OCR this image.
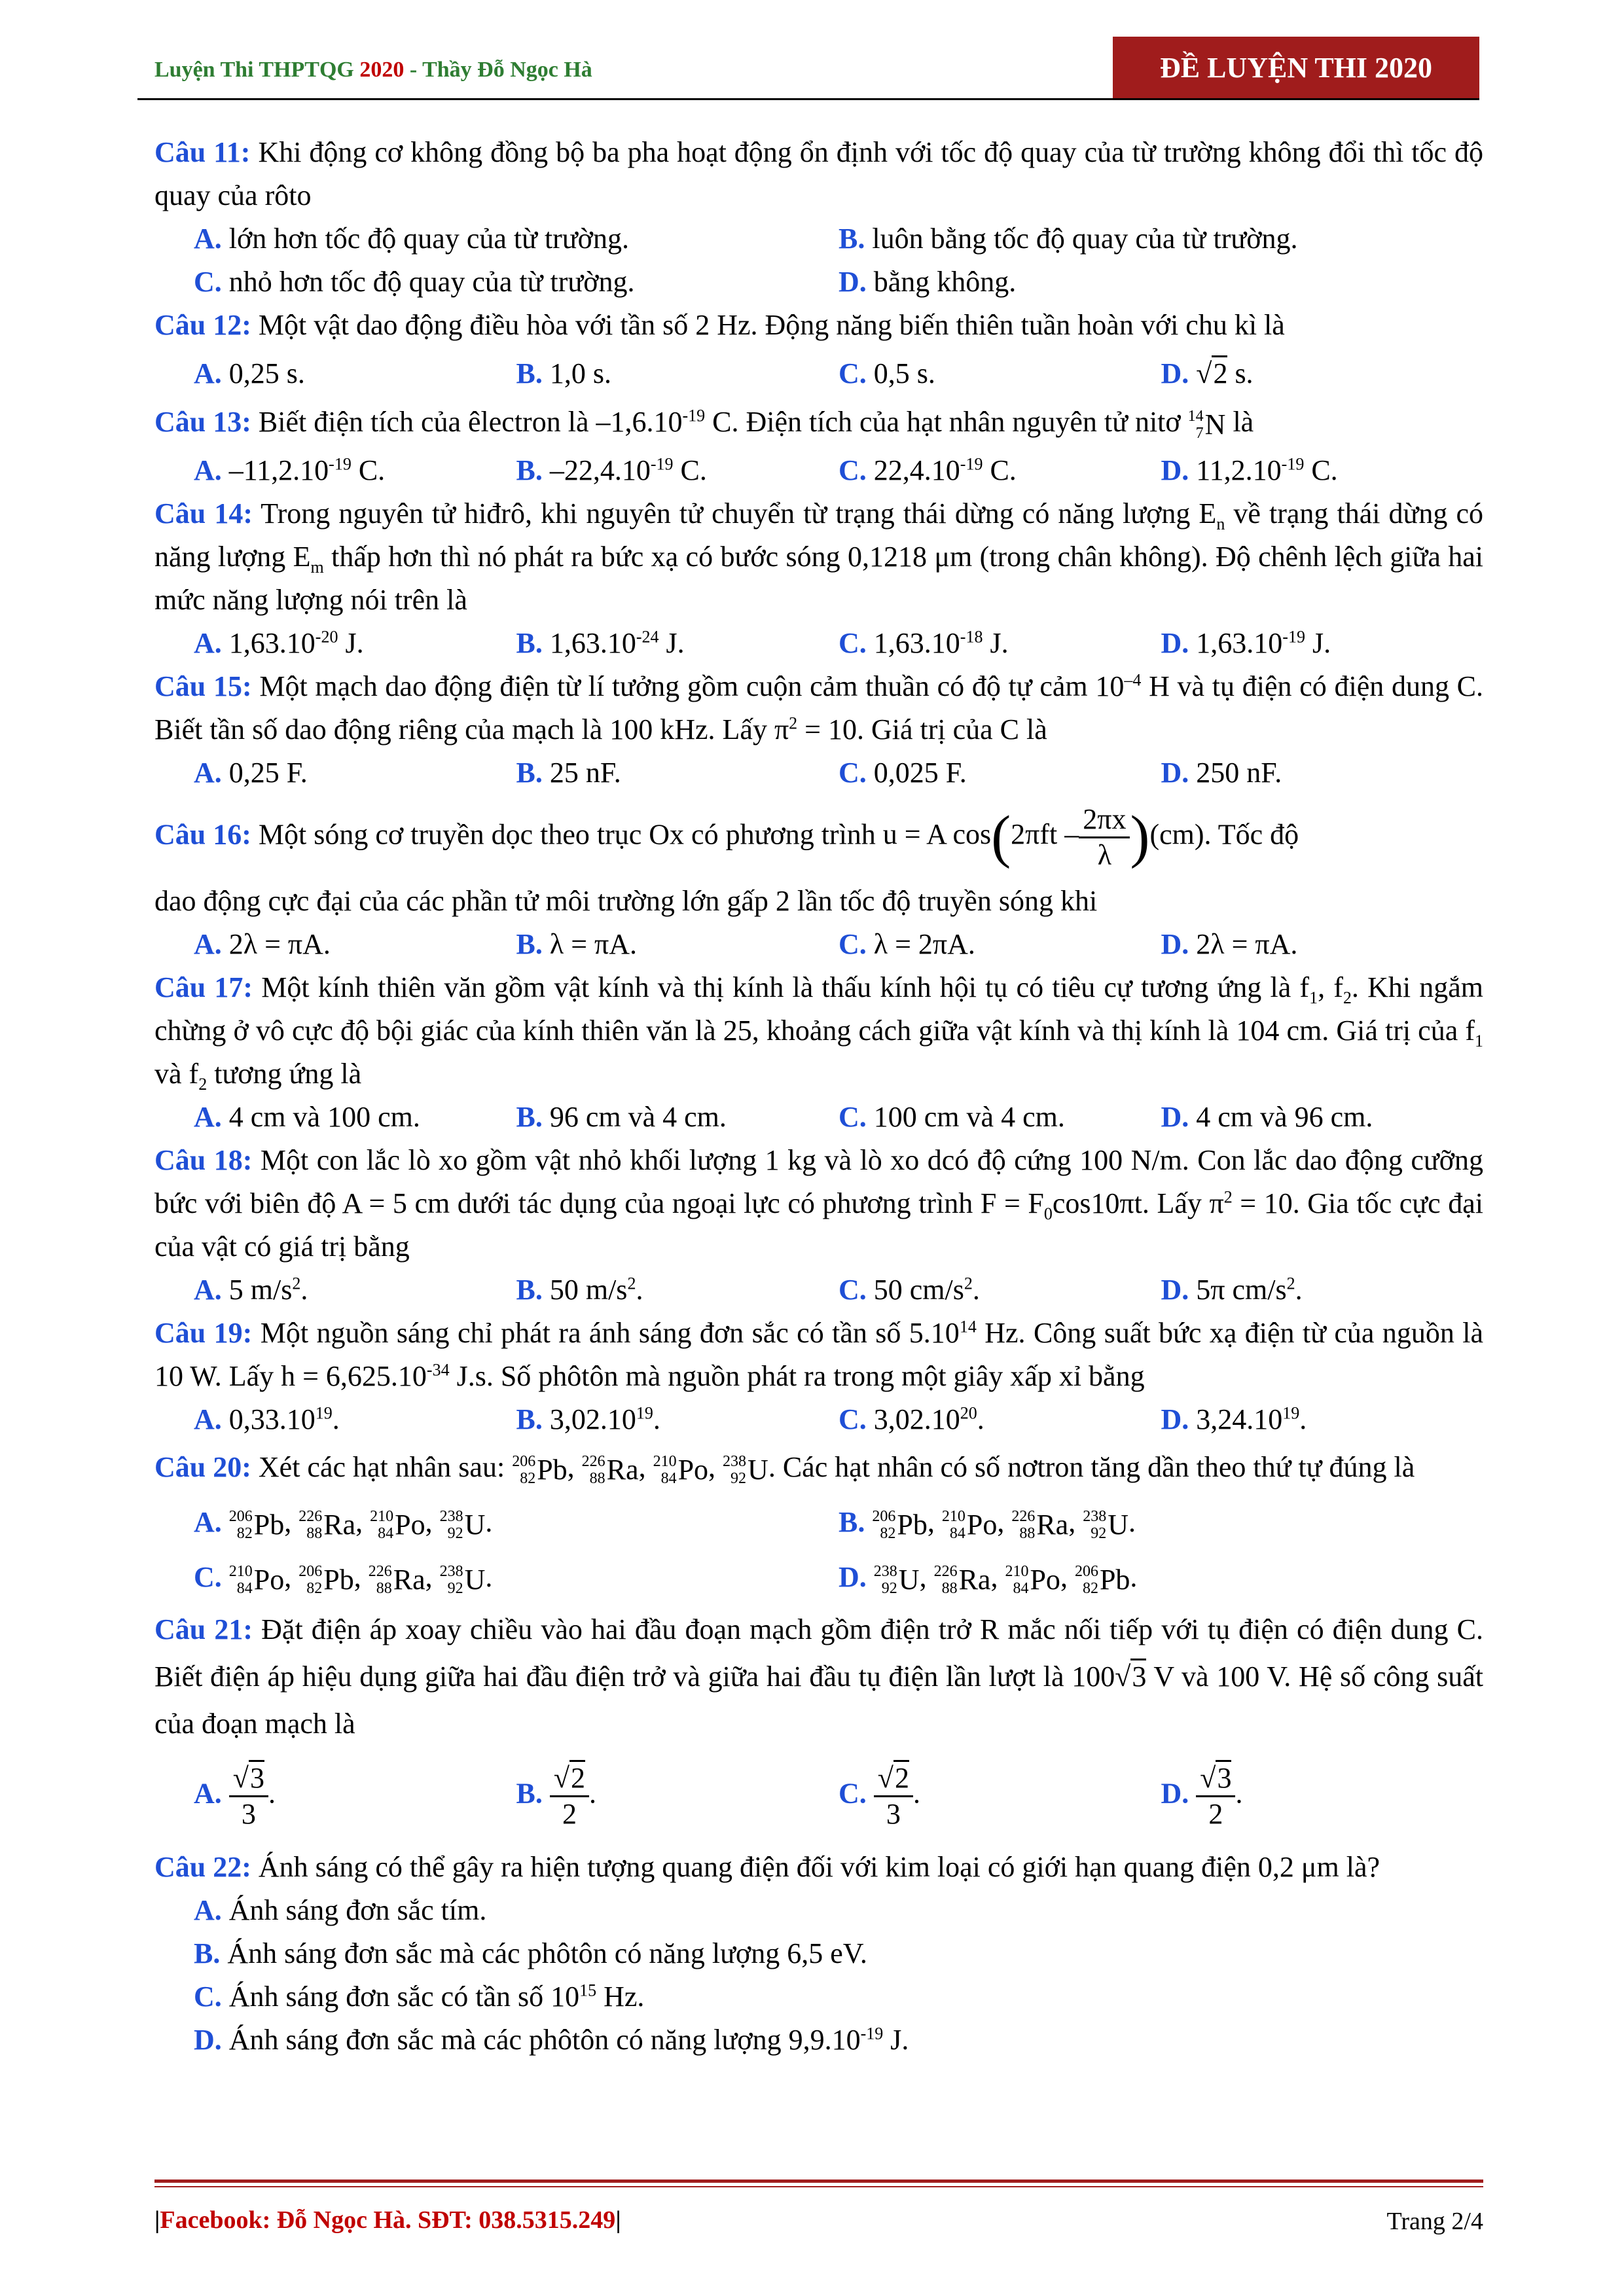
Luyện Thi THPTQG 2020 - Thầy Đỗ Ngọc Hà	ĐỀ LUYỆN THI 2020

Câu 11: Khi động cơ không đồng bộ ba pha hoạt động ổn định với tốc độ quay của từ trường không đổi thì tốc độ quay của rôto

A. lớn hơn tốc độ quay của từ trường.	B. luôn bằng tốc độ quay của từ trường.
C. nhỏ hơn tốc độ quay của từ trường.	D. bằng không.

Câu 12: Một vật dao động điều hòa với tần số 2 Hz. Động năng biến thiên tuần hoàn với chu kì là

A. 0,25 s.	B. 1,0 s.	C. 0,5 s.	D. √2 s.

Câu 13: Biết điện tích của êlectron là $-1,6.10^{-19}$ C. Điện tích của hạt nhân nguyên tử nitơ 14
7 N là

A. $-11,2.10^{-19}$ C.	B. $-22,4.10^{-19}$ C.	C. $22,4.10^{-19}$ C.	D. $11,2.10^{-19}$ C.

Câu 14: Trong nguyên tử hiđrô, khi nguyên tử chuyển từ trạng thái dừng có năng lượng $E_n$ về trạng thái dừng có năng lượng $E_m$ thấp hơn thì nó phát ra bức xạ có bước sóng 0,1218 μm (trong chân không). Độ chênh lệch giữa hai mức năng lượng nói trên là

A. $1,63.10^{-20}$ J.	B. $1,63.10^{-24}$ J.	C. $1,63.10^{-18}$ J.	D. $1,63.10^{-19}$ J.

Câu 15: Một mạch dao động điện từ lí tưởng gồm cuộn cảm thuần có độ tự cảm $10^{-4}$ H và tụ điện có điện dung C. Biết tần số dao động riêng của mạch là 100 kHz. Lấy $\pi^2 = 10$. Giá trị của C là

A. 0,25 F.	B. 25 nF.	C. 0,025 F.	D. 250 nF.

Câu 16: Một sóng cơ truyền dọc theo trục Ox có phương trình u = A $\cos(2\pi ft - \frac{2\pi x}{\lambda} )(cm)$. Tốc độ

dao động cực đại của các phần tử môi trường lớn gấp 2 lần tốc độ truyền sóng khi

A. 2λ = πA.	B. λ = πA.	C. λ = 2πA.	D. 2λ = πA.

Câu 17: Một kính thiên văn gồm vật kính và thị kính là thấu kính hội tụ có tiêu cự tương ứng là $f_1$, $f_2$. Khi ngắm chừng ở vô cực độ bội giác của kính thiên văn là 25, khoảng cách giữa vật kính và thị kính là 104 cm. Giá trị của $f_1$ và $f_2$ tương ứng là

A. 4 cm và 100 cm.	B. 96 cm và 4 cm.	C. 100 cm và 4 cm.	D. 4 cm và 96 cm.

Câu 18: Một con lắc lò xo gồm vật nhỏ khối lượng 1 kg và lò xo dcó độ cứng 100 N/m. Con lắc dao động cưỡng bức với biên độ A = 5 cm dưới tác dụng của ngoại lực có phương trình $F = F_0\cos 10\pi t$. Lấy $\pi^2 = 10$. Gia tốc cực đại của vật có giá trị bằng

A. 5 $m/s^2$.	B. 50 $m/s^2$.	C. 50 $cm/s^2$.	D. 5π $cm/s^2$.

Câu 19: Một nguồn sáng chỉ phát ra ánh sáng đơn sắc có tần số 5.10$^{14}$ Hz. Công suất bức xạ điện từ của nguồn là 10 W. Lấy $h = 6,625.10^{-34}$ J.s. Số phôtôn mà nguồn phát ra trong một giây xấp xỉ bằng

A. 0,33.10$^{19}$.	B. 3,02.10$^{19}$.	C. 3,02.10$^{20}$.	D. 3,24.10$^{19}$.

Câu 20: Xét các hạt nhân sau: 206
82 Pb , 226
88 Ra , 210
84 Po , 238
92 U . Các hạt nhân có số nơtron tăng dần theo thứ tự đúng là

A. 206
82 Pb , 226
88 Ra , 210
84 Po , 238
92 U .	B. 206
82 Pb , 210
84 Po , 226
88 Ra , 238
92 U .
C. 210
84 Po , 206
82 Pb , 226
88 Ra , 238
92 U .	D. 238
92 U , 226
88 Ra , 210
84 Po , 206
82 Pb .

Câu 21: Đặt điện áp xoay chiều vào hai đầu đoạn mạch gồm điện trở R mắc nối tiếp với tụ điện có điện dung C. Biết điện áp hiệu dụng giữa hai đầu điện trở và giữa hai đầu tụ điện lần lượt là 100√3 V và 100 V. Hệ số công suất của đoạn mạch là

A. $\frac{√3}{3}$ .	B. $\frac{√2}{2}$ .	C. $\frac{√2}{3}$ .	D. $\frac{√3}{2}$ .

Câu 22: Ánh sáng có thể gây ra hiện tượng quang điện đối với kim loại có giới hạn quang điện 0,2 μm là?

A. Ánh sáng đơn sắc tím.
B. Ánh sáng đơn sắc mà các phôtôn có năng lượng 6,5 eV.
C. Ánh sáng đơn sắc có tần số $10^{15}$ Hz.
D. Ánh sáng đơn sắc mà các phôtôn có năng lượng $9,9.10^{-19}$ J.
|Facebook: Đỗ Ngọc Hà. SĐT: 038.5315.249|	Trang 2/4
